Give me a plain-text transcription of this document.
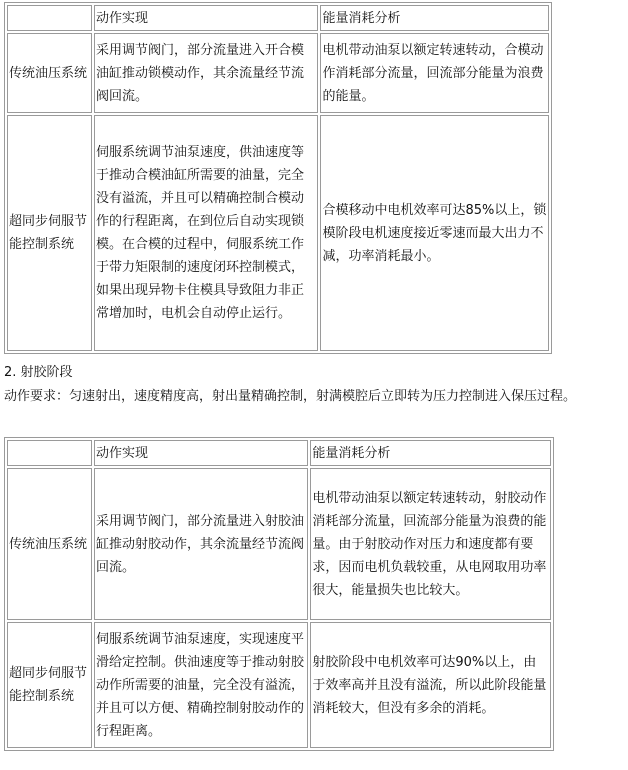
	动作实现	能量消耗分析
传统油压系统	采用调节阀门，部分流量进入开合模油缸推动锁模动作，其余流量经节流阀回流。	电机带动油泵以额定转速转动，合模动作消耗部分流量，回流部分能量为浪费的能量。
超同步伺服节能控制系统	伺服系统调节油泵速度，供油速度等于推动合模油缸所需要的油量，完全没有溢流，并且可以精确控制合模动作的行程距离，在到位后自动实现锁模。在合模的过程中，伺服系统工作于带力矩限制的速度闭环控制模式，如果出现异物卡住模具导致阻力非正常增加时，电机会自动停止运行。	合模移动中电机效率可达85%以上，锁模阶段电机速度接近零速而最大出力不减，功率消耗最小。
2. 射胶阶段
动作要求：匀速射出，速度精度高，射出量精确控制，射满模腔后立即转为压力控制进入保压过程。
	动作实现	能量消耗分析
传统油压系统	采用调节阀门，部分流量进入射胶油缸推动射胶动作，其余流量经节流阀回流。	电机带动油泵以额定转速转动，射胶动作消耗部分流量，回流部分能量为浪费的能量。由于射胶动作对压力和速度都有要求，因而电机负载较重，从电网取用功率很大，能量损失也比较大。
超同步伺服节能控制系统	伺服系统调节油泵速度，实现速度平滑给定控制。供油速度等于推动射胶动作所需要的油量，完全没有溢流，并且可以方便、精确控制射胶动作的行程距离。	射胶阶段中电机效率可达90%以上，由于效率高并且没有溢流，所以此阶段能量消耗较大，但没有多余的消耗。
